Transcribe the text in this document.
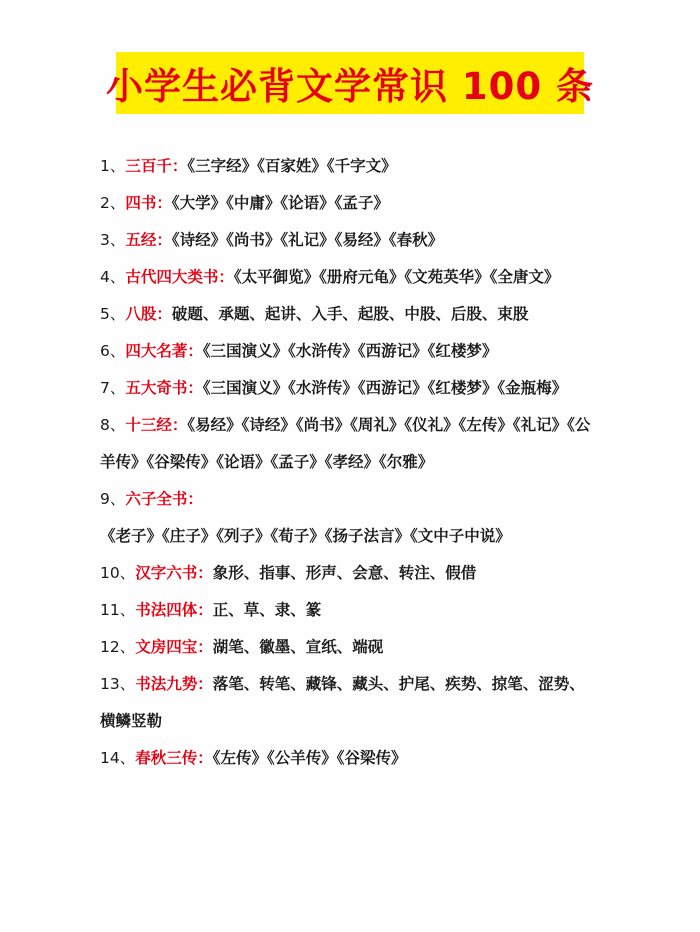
小学生必背文学常识 100 条
1、三百千：《三字经》《百家姓》《千字文》
2、四书：《大学》《中庸》《论语》《孟子》
3、五经：《诗经》《尚书》《礼记》《易经》《春秋》
4、古代四大类书：《太平御览》《册府元龟》《文苑英华》《全唐文》
5、八股：破题、承题、起讲、入手、起股、中股、后股、束股
6、四大名著：《三国演义》《水浒传》《西游记》《红楼梦》
7、五大奇书：《三国演义》《水浒传》《西游记》《红楼梦》《金瓶梅》
8、十三经：《易经》《诗经》《尚书》《周礼》《仪礼》《左传》《礼记》《公羊传》《谷梁传》《论语》《孟子》《孝经》《尔雅》
9、六子全书：《老子》《庄子》《列子》《荀子》《扬子法言》《文中子中说》
10、汉字六书：象形、指事、形声、会意、转注、假借
11、书法四体：正、草、隶、篆
12、文房四宝：湖笔、徽墨、宣纸、端砚
13、书法九势：落笔、转笔、藏锋、藏头、护尾、疾势、掠笔、涩势、横鳞竖勒
14、春秋三传：《左传》《公羊传》《谷梁传》
